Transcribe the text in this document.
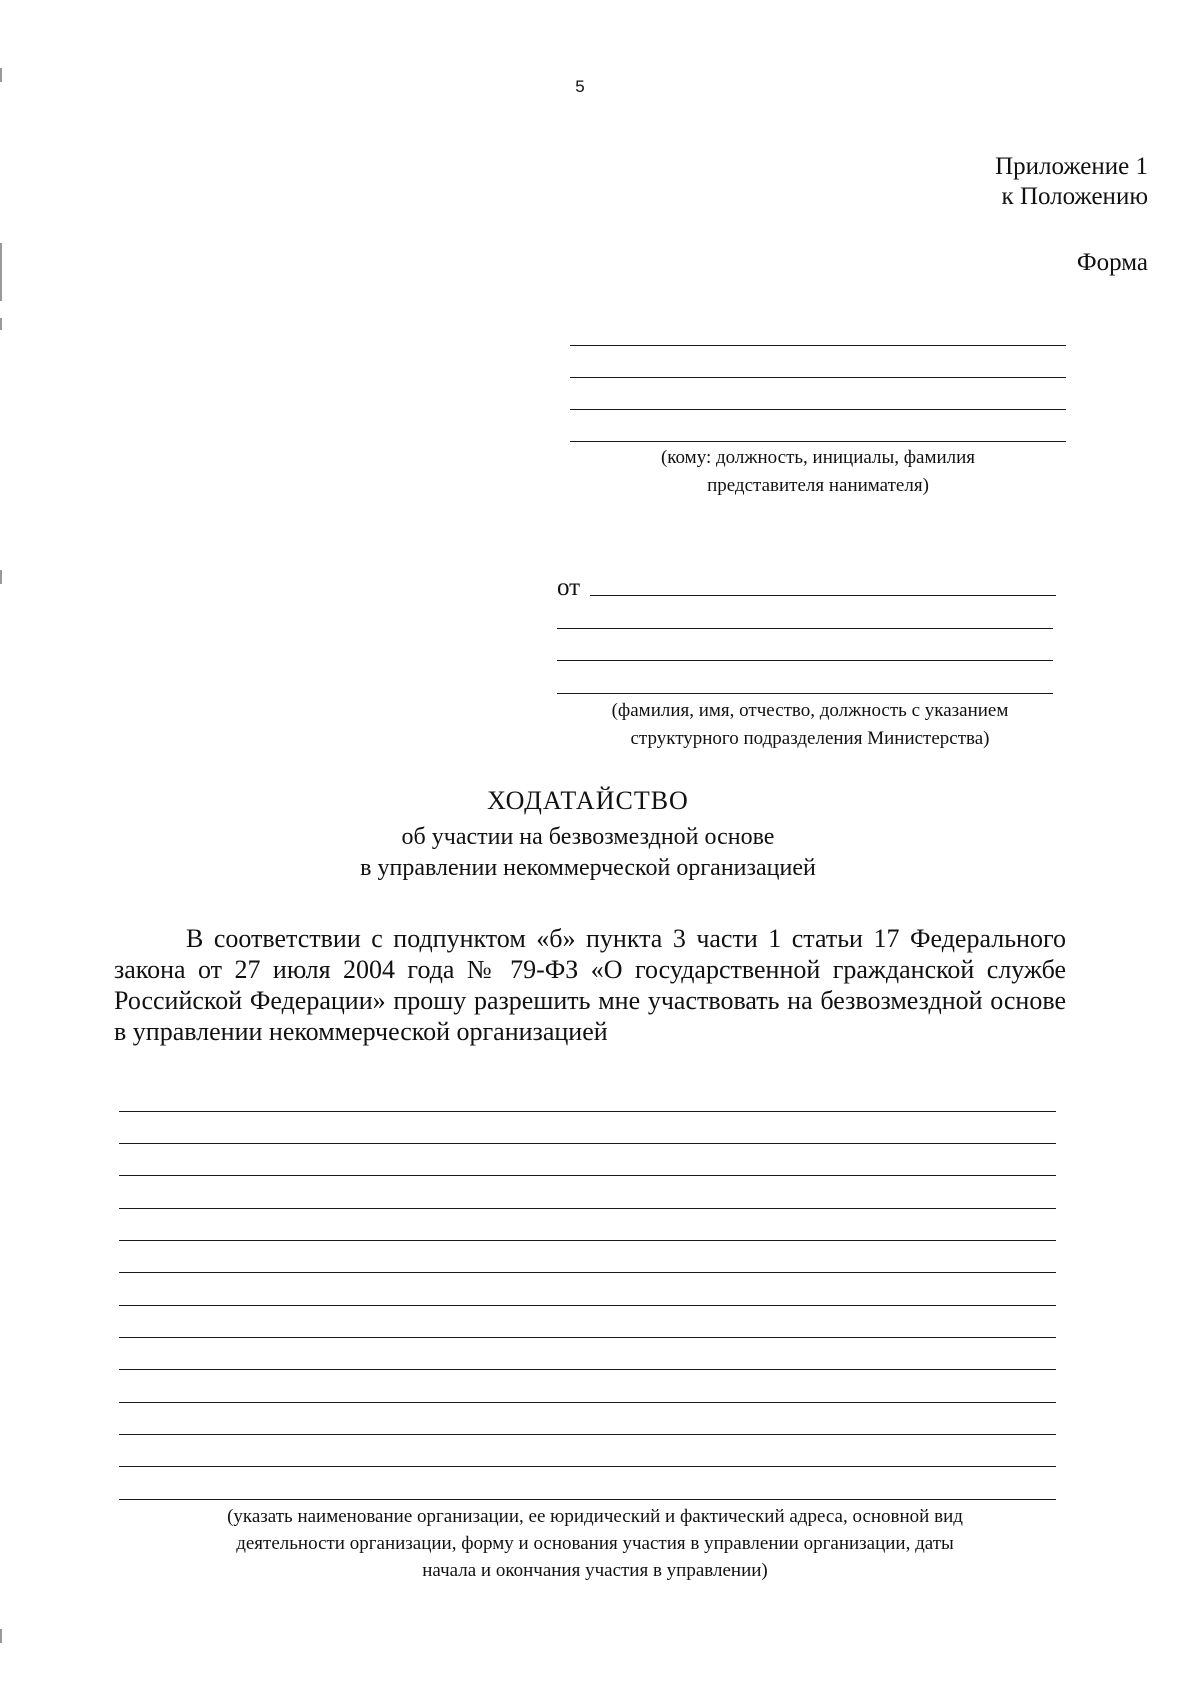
5
Приложение 1
к Положению
Форма
(кому: должность, инициалы, фамилия
представителя нанимателя)
от
(фамилия, имя, отчество, должность с указанием
структурного подразделения Министерства)
ХОДАТАЙСТВО
об участии на безвозмездной основе
в управлении некоммерческой организацией

В соответствии с подпунктом «б» пункта 3 части 1 статьи 17 Федерального закона от 27 июля 2004 года № 79-ФЗ «О государственной гражданской службе Российской Федерации» прошу разрешить мне участвовать на безвозмездной основе в управлении некоммерческой организацией

(указать наименование организации, ее юридический и фактический адреса, основной вид
деятельности организации, форму и основания участия в управлении организации, даты
начала и окончания участия в управлении)
